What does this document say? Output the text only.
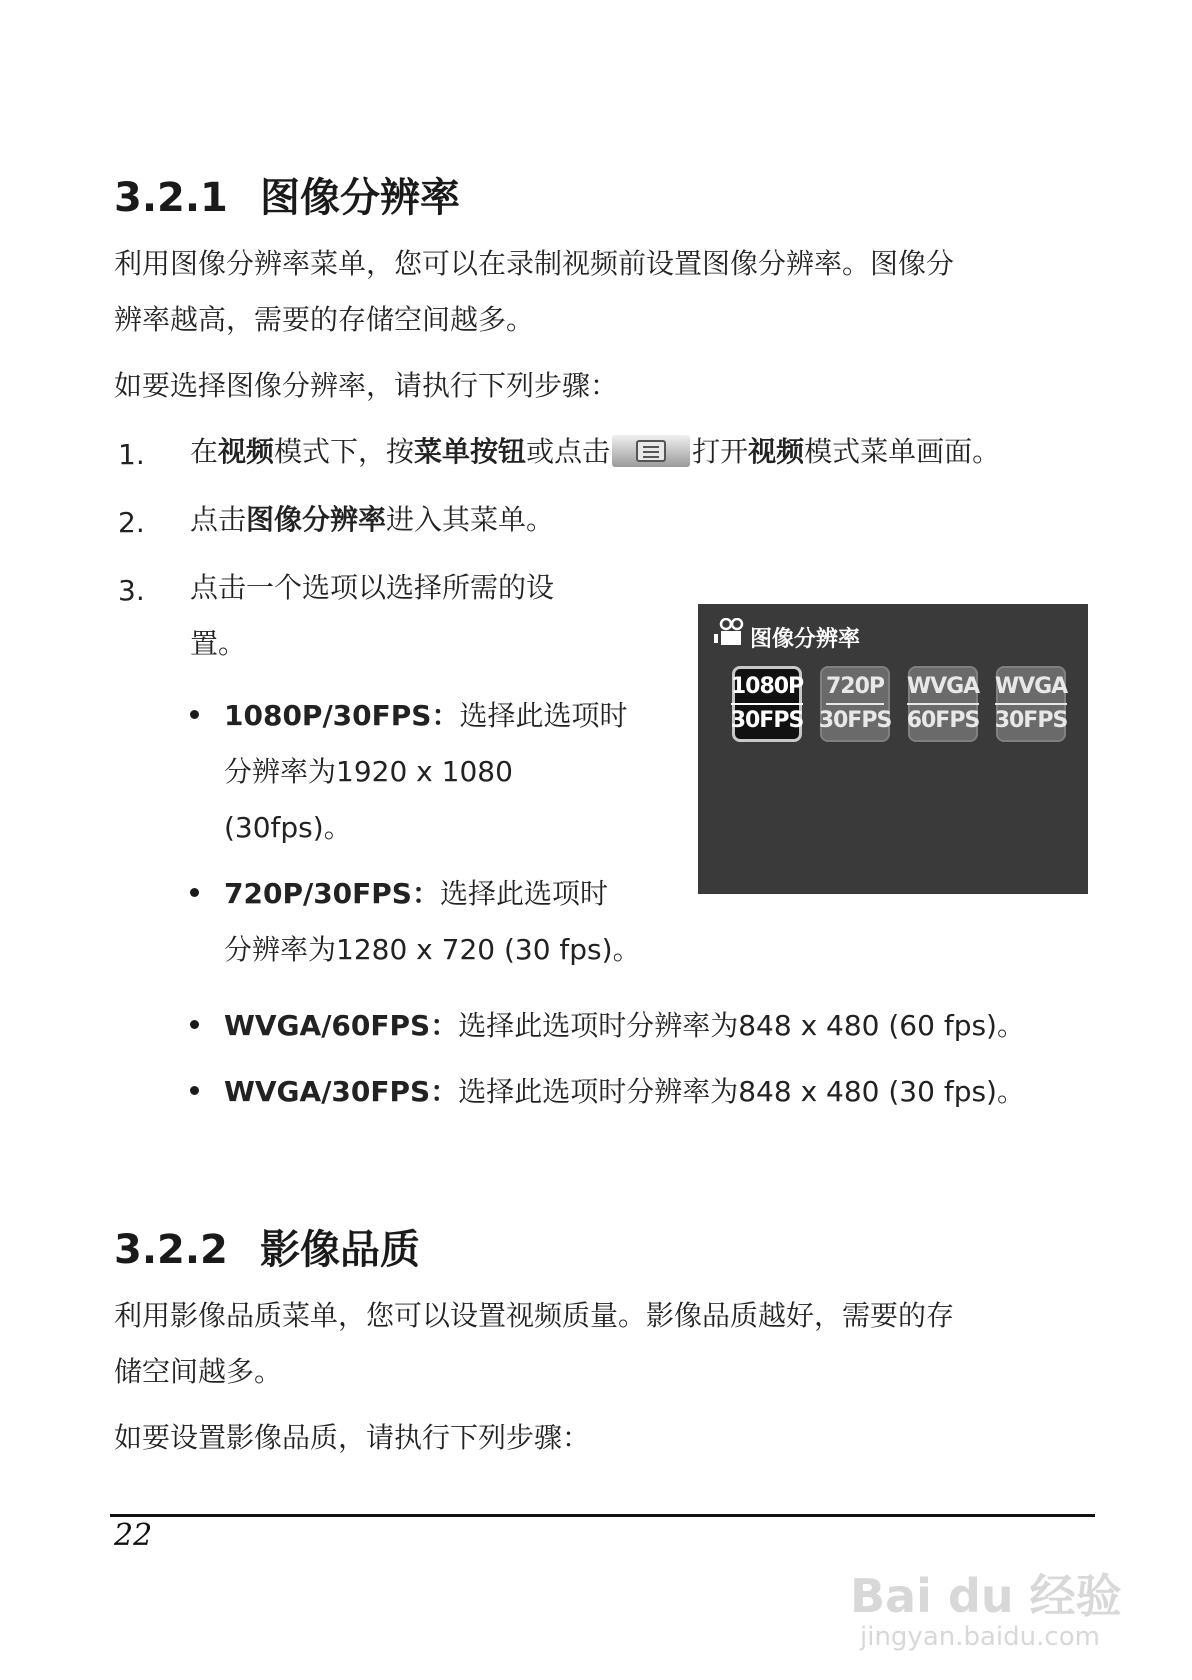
3.2.1 图像分辨率
利用图像分辨率菜单，您可以在录制视频前设置图像分辨率。图像分
辨率越高，需要的存储空间越多。
如要选择图像分辨率，请执行下列步骤：
1. 在视频模式下，按菜单按钮或点击	打开视频模式菜单画面。
2. 点击图像分辨率进入其菜单。
3. 点击一个选项以选择所需的设
置。
1080P/30FPS：选择此选项时
分辨率为1920 x 1080
(30fps)。
720P/30FPS：选择此选项时
分辨率为1280 x 720 (30 fps)。
WVGA/60FPS：选择此选项时分辨率为848 x 480 (60 fps)。
WVGA/30FPS：选择此选项时分辨率为848 x 480 (30 fps)。
图像分辨率
1080P
30FPS
720P
30FPS
WVGA
60FPS
WVGA
30FPS
3.2.2 影像品质
利用影像品质菜单，您可以设置视频质量。影像品质越好，需要的存
储空间越多。
如要设置影像品质，请执行下列步骤：
22
Bai du 经验
jingyan.baidu.com
